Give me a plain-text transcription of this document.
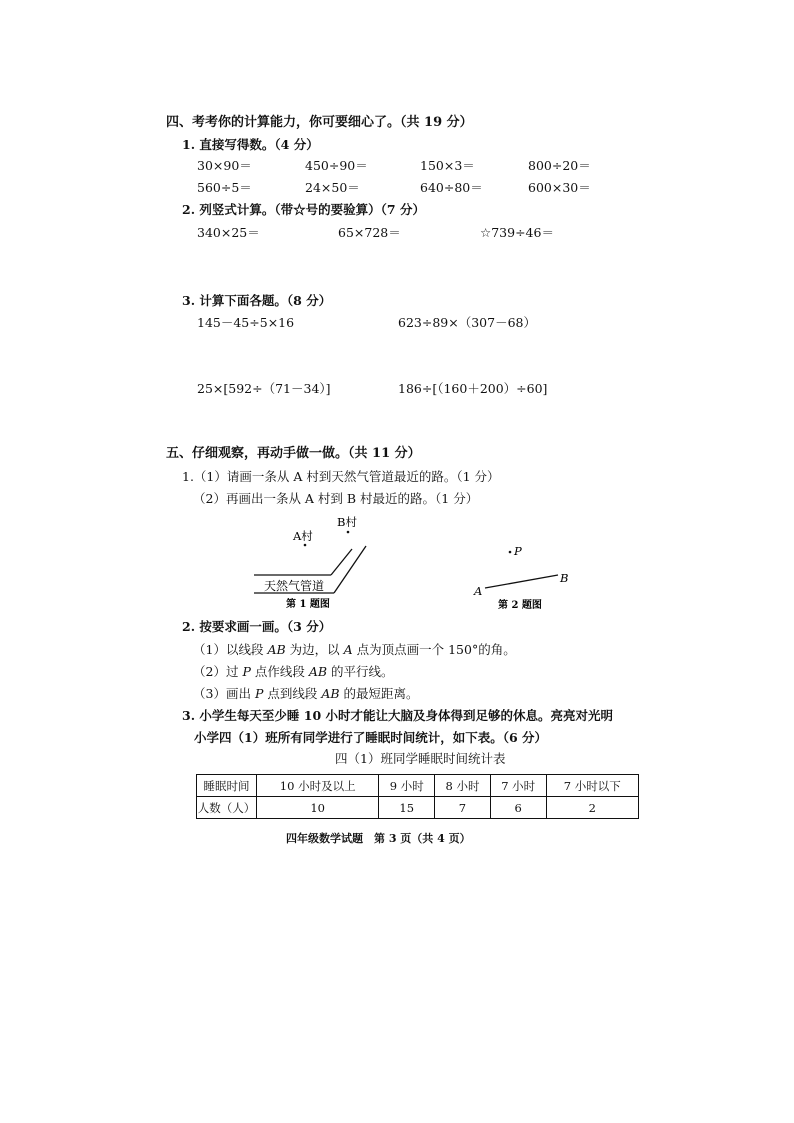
四、考考你的计算能力，你可要细心了。（共 19 分）
1. 直接写得数。（4 分）
30×90＝	450÷90＝	150×3＝	800÷20＝
560÷5＝	24×50＝	640÷80＝	600×30＝
2. 列竖式计算。（带☆号的要验算）（7 分）
340×25＝	65×728＝	☆739÷46＝
3. 计算下面各题。（8 分）
145－45÷5×16	623÷89×（307－68）
25×[592÷（71－34）]	186÷[（160＋200）÷60]
五、仔细观察，再动手做一做。（共 11 分）
1.（1）请画一条从 A 村到天然气管道最近的路。（1 分）
（2）再画出一条从 A 村到 B 村最近的路。（1 分）
A村
B村
天然气管道
第 1 题图
P
A
B
第 2 题图
2. 按要求画一画。（3 分）
（1）以线段 AB 为边，以 A 点为顶点画一个 150°的角。
（2）过 P 点作线段 AB 的平行线。
（3）画出 P 点到线段 AB 的最短距离。
3. 小学生每天至少睡 10 小时才能让大脑及身体得到足够的休息。亮亮对光明
小学四（1）班所有同学进行了睡眠时间统计，如下表。（6 分）
四（1）班同学睡眠时间统计表
睡眠时间	10 小时及以上	9 小时	8 小时	7 小时	7 小时以下
人数（人）	10	15	7	6	2
四年级数学试题　第 3 页（共 4 页）
